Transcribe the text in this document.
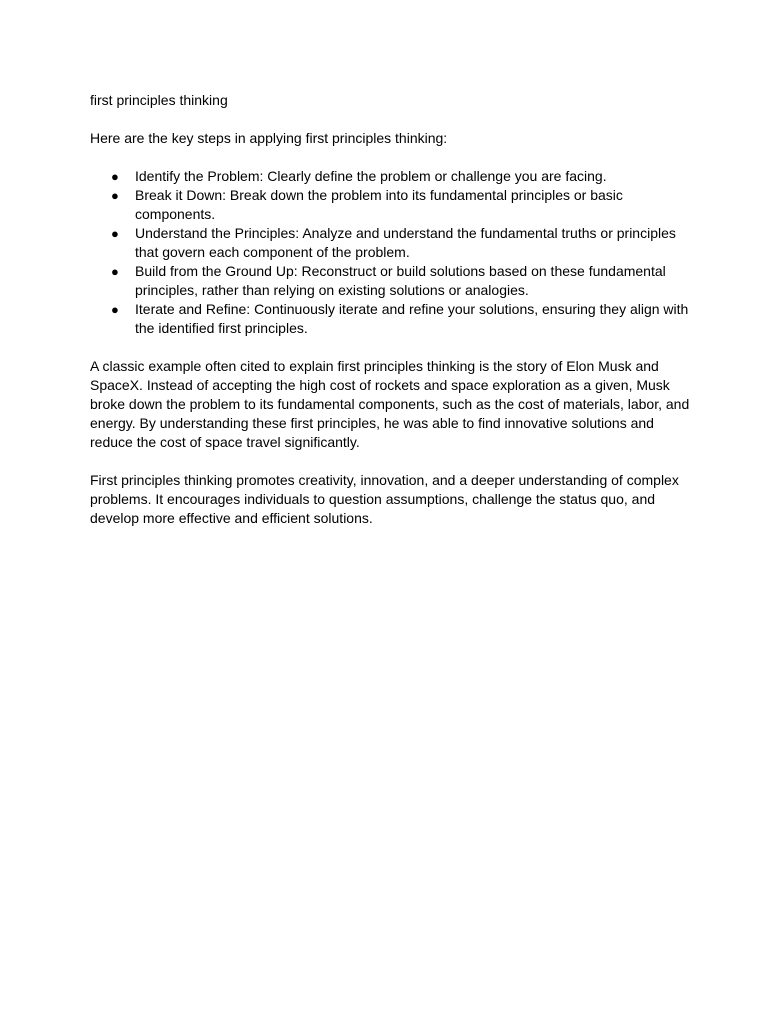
first principles thinking

Here are the key steps in applying first principles thinking:

● Identify the Problem: Clearly define the problem or challenge you are facing.
● Break it Down: Break down the problem into its fundamental principles or basic components.
● Understand the Principles: Analyze and understand the fundamental truths or principles that govern each component of the problem.
● Build from the Ground Up: Reconstruct or build solutions based on these fundamental principles, rather than relying on existing solutions or analogies.
● Iterate and Refine: Continuously iterate and refine your solutions, ensuring they align with the identified first principles.

A classic example often cited to explain first principles thinking is the story of Elon Musk and SpaceX. Instead of accepting the high cost of rockets and space exploration as a given, Musk broke down the problem to its fundamental components, such as the cost of materials, labor, and energy. By understanding these first principles, he was able to find innovative solutions and reduce the cost of space travel significantly.

First principles thinking promotes creativity, innovation, and a deeper understanding of complex problems. It encourages individuals to question assumptions, challenge the status quo, and develop more effective and efficient solutions.
